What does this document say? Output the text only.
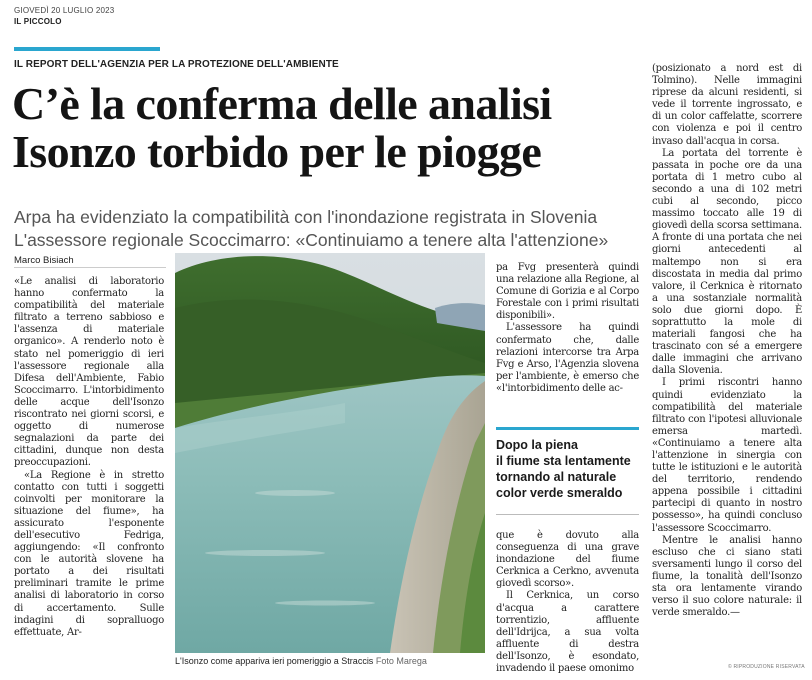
GIOVEDÌ 20 LUGLIO 2023
IL PICCOLO
IL REPORT DELL'AGENZIA PER LA PROTEZIONE DELL'AMBIENTE
C’è la conferma delle analisi
Isonzo torbido per le piogge
Arpa ha evidenziato la compatibilità con l'inondazione registrata in Slovenia
L'assessore regionale Scoccimarro: «Continuiamo a tenere alta l'attenzione»
Marco Bisiach

«Le analisi di laboratorio hanno confermato la compatibilità del materiale filtrato a terreno sabbioso e l'assenza di materiale organico». A renderlo noto è stato nel pomeriggio di ieri l'assessore regionale alla Difesa dell'Ambiente, Fabio Scoccimarro. L'intorbidimento delle acque dell'Isonzo riscontrato nei giorni scorsi, e oggetto di numerose segnalazioni da parte dei cittadini, dunque non desta preoccupazioni.

«La Regione è in stretto contatto con tutti i soggetti coinvolti per monitorare la situazione del fiume», ha assicurato l'esponente dell'esecutivo Fedriga, aggiungendo: «Il confronto con le autorità slovene ha portato a dei risultati preliminari tramite le prime analisi di laboratorio in corso di accertamento. Sulle indagini di sopralluogo effettuate, Ar-

L'Isonzo come appariva ieri pomeriggio a Straccis Foto Marega

pa Fvg presenterà quindi una relazione alla Regione, al Comune di Gorizia e al Corpo Forestale con i primi risultati disponibili».

L'assessore ha quindi confermato che, dalle relazioni intercorse tra Arpa Fvg e Arso, l'Agenzia slovena per l'ambiente, è emerso che «l'intorbidimento delle ac-

Dopo la piena
il fiume sta lentamente
tornando al naturale
color verde smeraldo

que è dovuto alla conseguenza di una grave inondazione del fiume Cerknica a Cerkno, avvenuta giovedì scorso».

Il Cerknica, un corso d'acqua a carattere torrentizio, affluente dell'Idrijca, a sua volta affluente di destra dell'Isonzo, è esondato, invadendo il paese omonimo

(posizionato a nord est di Tolmino). Nelle immagini riprese da alcuni residenti, si vede il torrente ingrossato, e di un color caffelatte, scorrere con violenza e poi il centro invaso dall'acqua in corsa.

La portata del torrente è passata in poche ore da una portata di 1 metro cubo al secondo a una di 102 metri cubi al secondo, picco massimo toccato alle 19 di giovedì della scorsa settimana. A fronte di una portata che nei giorni antecedenti al maltempo non si era discostata in media dal primo valore, il Cerknica è ritornato a una sostanziale normalità solo due giorni dopo. È soprattutto la mole di materiali fangosi che ha trascinato con sé a emergere dalle immagini che arrivano dalla Slovenia.

I primi riscontri hanno quindi evidenziato la compatibilità del materiale filtrato con l'ipotesi alluvionale emersa martedì. «Continuiamo a tenere alta l'attenzione in sinergia con tutte le istituzioni e le autorità del territorio, rendendo appena possibile i cittadini partecipi di quanto in nostro possesso», ha quindi concluso l'assessore Scoccimarro.

Mentre le analisi hanno escluso che ci siano stati sversamenti lungo il corso del fiume, la tonalità dell'Isonzo sta ora lentamente virando verso il suo colore naturale: il verde smeraldo.—

© RIPRODUZIONE RISERVATA
